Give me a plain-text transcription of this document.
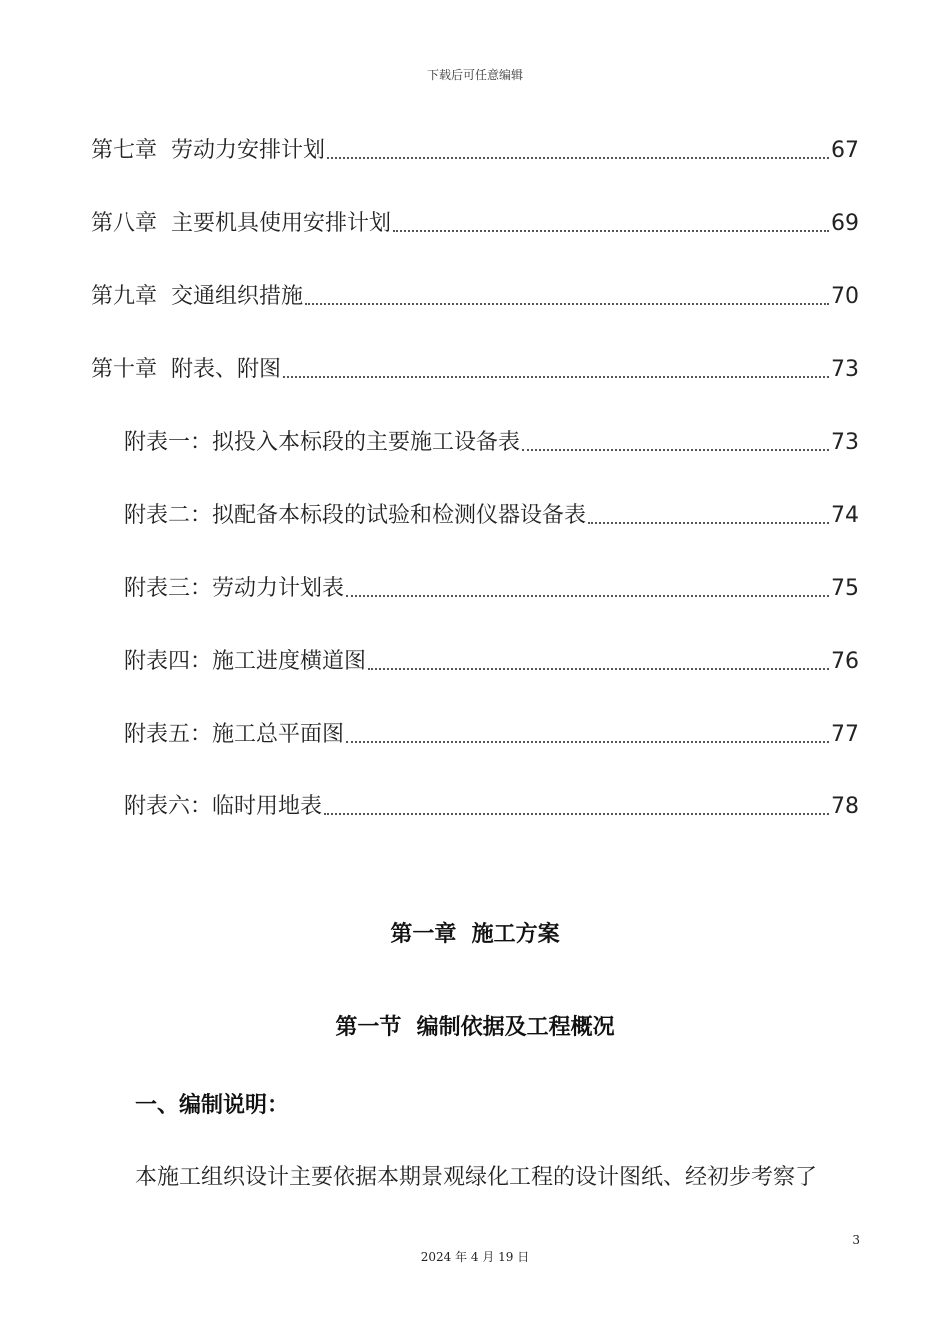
下载后可任意编辑
第七章  劳动力安排计划	67
第八章  主要机具使用安排计划	69
第九章  交通组织措施	70
第十章  附表、附图	73
附表一：拟投入本标段的主要施工设备表	73
附表二：拟配备本标段的试验和检测仪器设备表	74
附表三：劳动力计划表	75
附表四：施工进度横道图	76
附表五：施工总平面图	77
附表六：临时用地表	78
第一章  施工方案
第一节  编制依据及工程概况
一、编制说明：
本施工组织设计主要依据本期景观绿化工程的设计图纸、经初步考察了
3
2024 年 4 月 19 日
